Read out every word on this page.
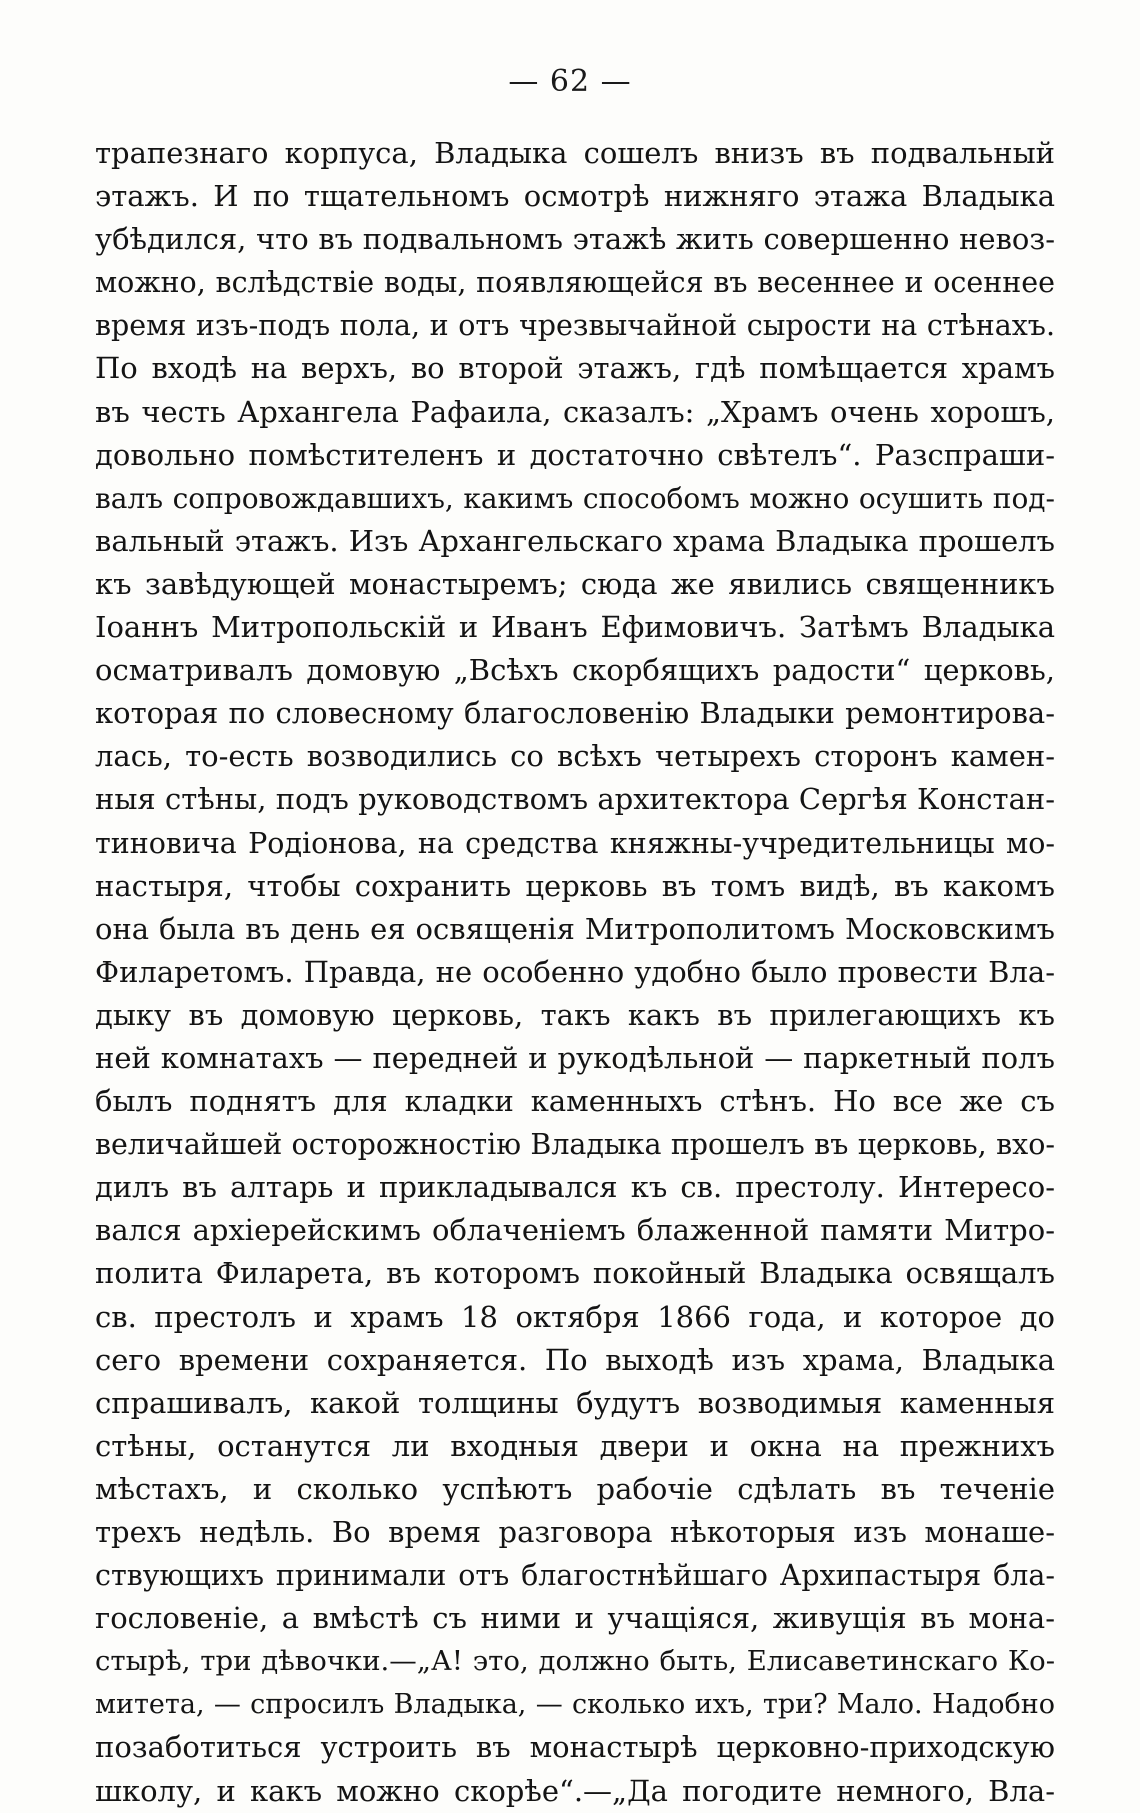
— 62 —
трапезнаго корпуса, Владыка сошелъ внизъ въ подвальный
этажъ. И по тщательномъ осмотрѣ нижняго этажа Владыка
убѣдился, что въ подвальномъ этажѣ жить совершенно невоз-
можно, вслѣдствіе воды, появляющейся въ весеннее и осеннее
время изъ-подъ пола, и отъ чрезвычайной сырости на стѣнахъ.
По входѣ на верхъ, во второй этажъ, гдѣ помѣщается храмъ
въ честь Архангела Рафаила, сказалъ: „Храмъ очень хорошъ,
довольно помѣстителенъ и достаточно свѣтелъ“. Разспраши-
валъ сопровождавшихъ, какимъ способомъ можно осушить под-
вальный этажъ. Изъ Архангельскаго храма Владыка прошелъ
къ завѣдующей монастыремъ; сюда же явились священникъ
Іоаннъ Митропольскій и Иванъ Ефимовичъ. Затѣмъ Владыка
осматривалъ домовую „Всѣхъ скорбящихъ радости“ церковь,
которая по словесному благословенію Владыки ремонтирова-
лась, то-есть возводились со всѣхъ четырехъ сторонъ камен-
ныя стѣны, подъ руководствомъ архитектора Сергѣя Констан-
тиновича Родіонова, на средства княжны-учредительницы мо-
настыря, чтобы сохранить церковь въ томъ видѣ, въ какомъ
она была въ день ея освященія Митрополитомъ Московскимъ
Филаретомъ. Правда, не особенно удобно было провести Вла-
дыку въ домовую церковь, такъ какъ въ прилегающихъ къ
ней комнатахъ — передней и рукодѣльной — паркетный полъ
былъ поднятъ для кладки каменныхъ стѣнъ. Но все же съ
величайшей осторожностію Владыка прошелъ въ церковь, вхо-
дилъ въ алтарь и прикладывался къ св. престолу. Интересо-
вался архіерейскимъ облаченіемъ блаженной памяти Митро-
полита Филарета, въ которомъ покойный Владыка освящалъ
св. престолъ и храмъ 18 октября 1866 года, и которое до
сего времени сохраняется. По выходѣ изъ храма, Владыка
спрашивалъ, какой толщины будутъ возводимыя каменныя
стѣны, останутся ли входныя двери и окна на прежнихъ
мѣстахъ, и сколько успѣютъ рабочіе сдѣлать въ теченіе
трехъ недѣль. Во время разговора нѣкоторыя изъ монаше-
ствующихъ принимали отъ благостнѣйшаго Архипастыря бла-
гословеніе, а вмѣстѣ съ ними и учащіяся, живущія въ мона-
стырѣ, три дѣвочки.—„А! это, должно быть, Елисаветинскаго Ко-
митета, — спросилъ Владыка, — сколько ихъ, три? Мало. Надобно
позаботиться устроить въ монастырѣ церковно-приходскую
школу, и какъ можно скорѣе“.—„Да погодите немного, Вла-
